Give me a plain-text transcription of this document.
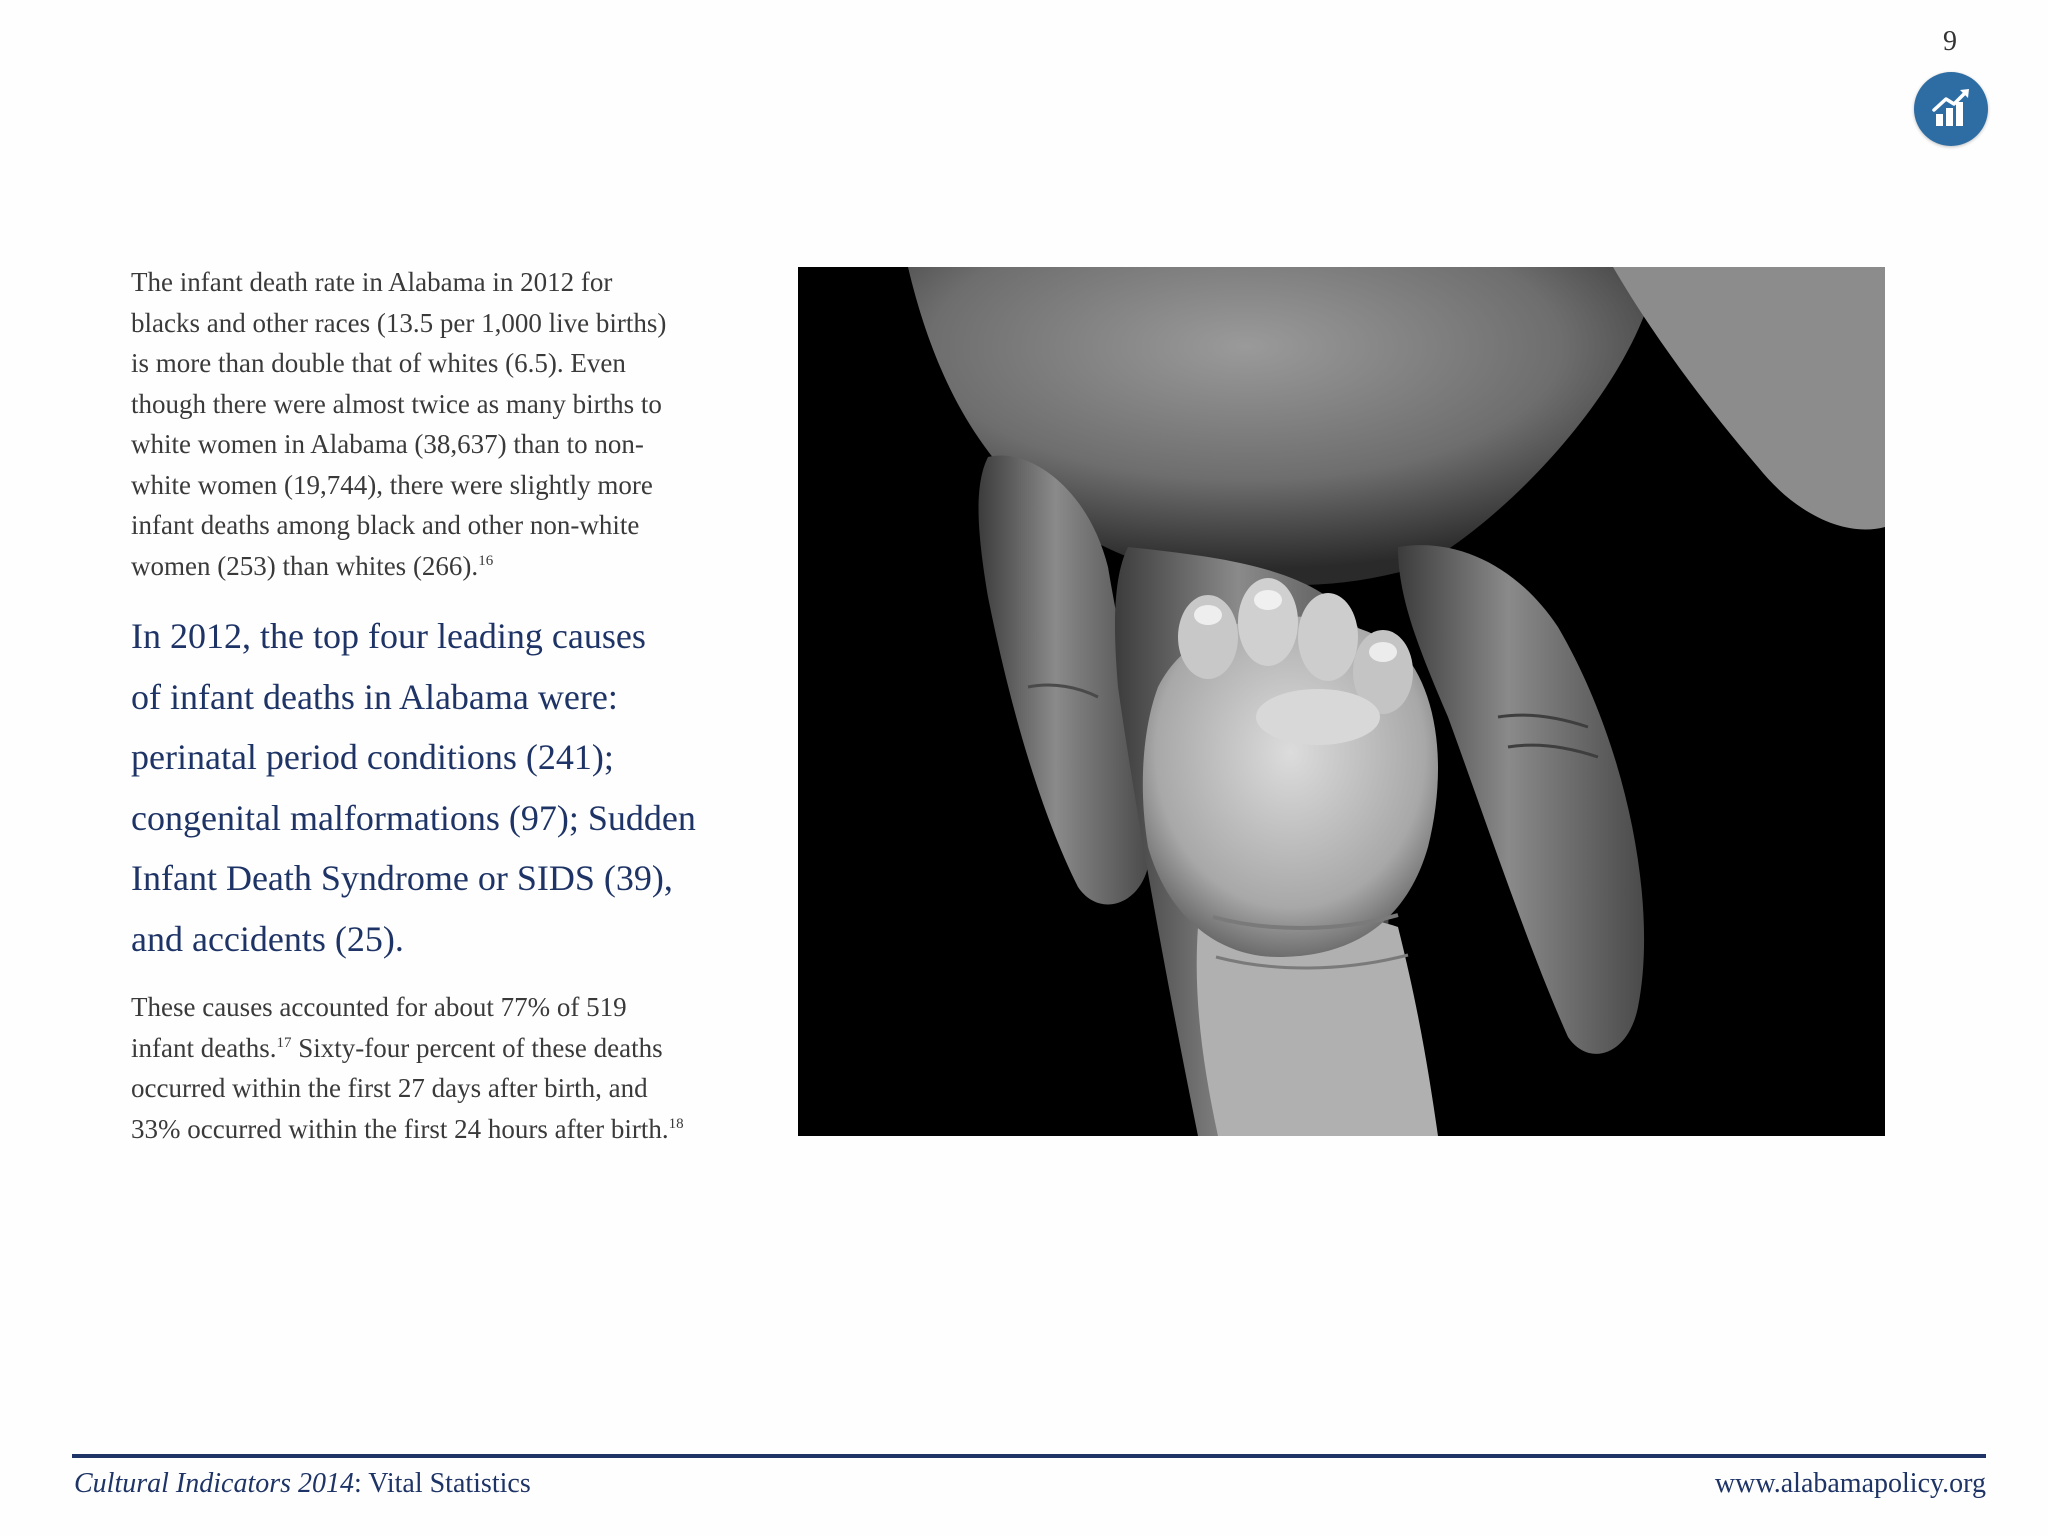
9

The infant death rate in Alabama in 2012 for
blacks and other races (13.5 per 1,000 live births)
is more than double that of whites (6.5). Even
though there were almost twice as many births to
white women in Alabama (38,637) than to non-
white women (19,744), there were slightly more
infant deaths among black and other non-white
women (253) than whites (266).$^{16}$

In 2012, the top four leading causes
of infant deaths in Alabama were:
perinatal period conditions (241);
congenital malformations (97); Sudden
Infant Death Syndrome or SIDS (39),
and accidents (25).

These causes accounted for about 77% of 519
infant deaths.$^{17}$ Sixty-four percent of these deaths
occurred within the first 27 days after birth, and
33% occurred within the first 24 hours after birth.$^{18}$

Cultural Indicators 2014: Vital Statistics	www.alabamapolicy.org
